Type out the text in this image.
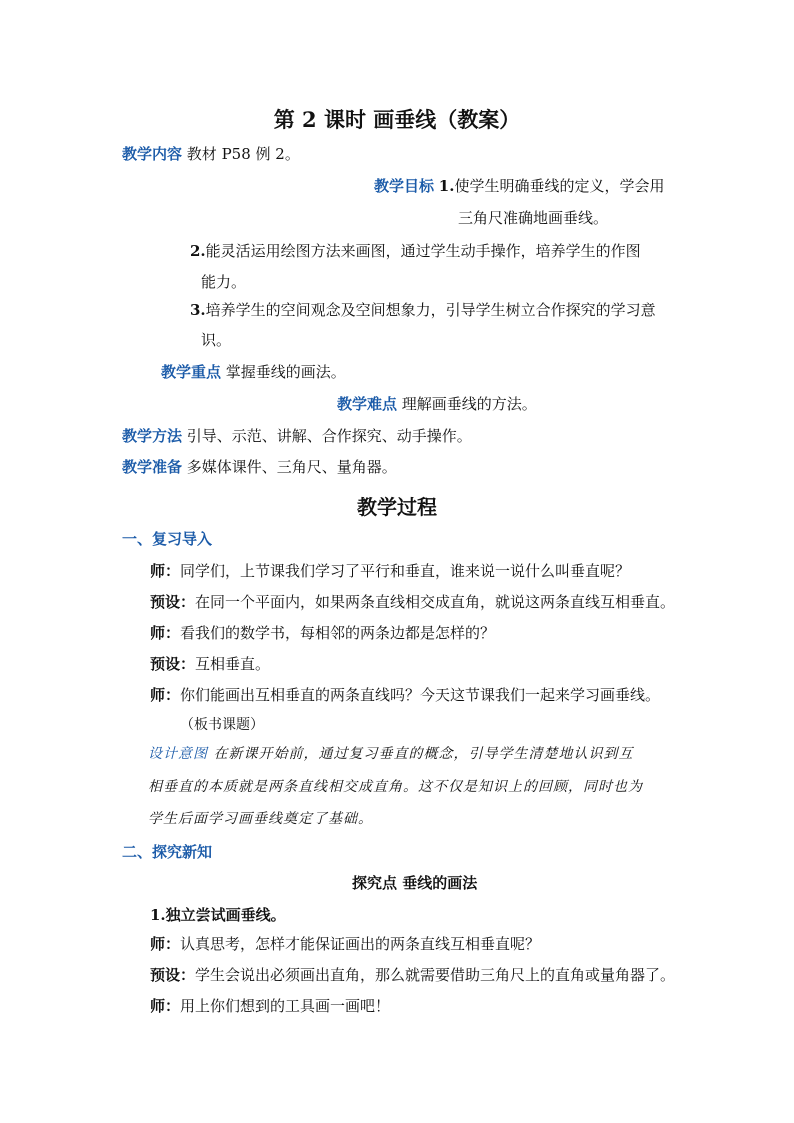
第 2 课时 画垂线（教案）
教学内容 教材 P58 例 2。
教学目标 1.使学生明确垂线的定义，学会用
三角尺准确地画垂线。
2.能灵活运用绘图方法来画图，通过学生动手操作，培养学生的作图
能力。
3.培养学生的空间观念及空间想象力，引导学生树立合作探究的学习意
识。
教学重点 掌握垂线的画法。
教学难点 理解画垂线的方法。
教学方法 引导、示范、讲解、合作探究、动手操作。
教学准备 多媒体课件、三角尺、量角器。
教学过程
一、复习导入
师：同学们，上节课我们学习了平行和垂直，谁来说一说什么叫垂直呢？
预设：在同一个平面内，如果两条直线相交成直角，就说这两条直线互相垂直。
师：看我们的数学书，每相邻的两条边都是怎样的？
预设：互相垂直。
师：你们能画出互相垂直的两条直线吗？今天这节课我们一起来学习画垂线。
（板书课题）
设计意图 在新课开始前，通过复习垂直的概念，引导学生清楚地认识到互
相垂直的本质就是两条直线相交成直角。这不仅是知识上的回顾，同时也为
学生后面学习画垂线奠定了基础。
二、探究新知
探究点 垂线的画法
1.独立尝试画垂线。
师：认真思考，怎样才能保证画出的两条直线互相垂直呢？
预设：学生会说出必须画出直角，那么就需要借助三角尺上的直角或量角器了。
师：用上你们想到的工具画一画吧！
